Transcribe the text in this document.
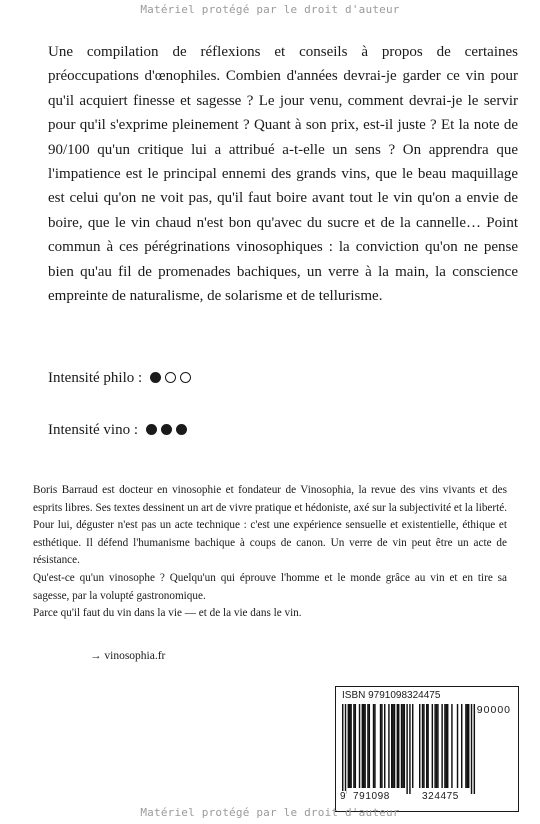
Matériel protégé par le droit d'auteur

Une compilation de réflexions et conseils à propos de certaines préoccupations d'œnophiles. Combien d'années devrai-je garder ce vin pour qu'il acquiert finesse et sagesse ? Le jour venu, comment devrai-je le servir pour qu'il s'exprime pleinement ? Quant à son prix, est-il juste ? Et la note de 90/100 qu'un critique lui a attribué a-t-elle un sens ? On apprendra que l'impatience est le principal ennemi des grands vins, que le beau maquillage est celui qu'on ne voit pas, qu'il faut boire avant tout le vin qu'on a envie de boire, que le vin chaud n'est bon qu'avec du sucre et de la cannelle… Point commun à ces pérégrinations vinosophiques : la conviction qu'on ne pense bien qu'au fil de promenades bachiques, un verre à la main, la conscience empreinte de naturalisme, de solarisme et de tellurisme.

Intensité philo :
Intensité vino :

Boris Barraud est docteur en vinosophie et fondateur de Vinosophia, la revue des vins vivants et des esprits libres. Ses textes dessinent un art de vivre pratique et hédoniste, axé sur la subjectivité et la liberté. Pour lui, déguster n'est pas un acte technique : c'est une expérience sensuelle et existentielle, éthique et esthétique. Il défend l'humanisme bachique à coups de canon. Un verre de vin peut être un acte de résistance.

Qu'est-ce qu'un vinosophe ? Quelqu'un qui éprouve l'homme et le monde grâce au vin et en tire sa sagesse, par la volupté gastronomique.

Parce qu'il faut du vin dans la vie — et de la vie dans le vin.

→ vinosophia.fr
ISBN 9791098324475
90000
9 791098	324475
Matériel protégé par le droit d'auteur
